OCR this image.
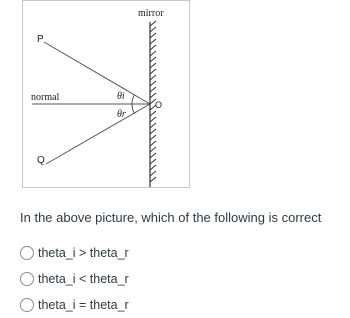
mirror
normal
P
Q
O
θi
θr
In the above picture, which of the following is correct
theta_i > theta_r
theta_i < theta_r
theta_i = theta_r
